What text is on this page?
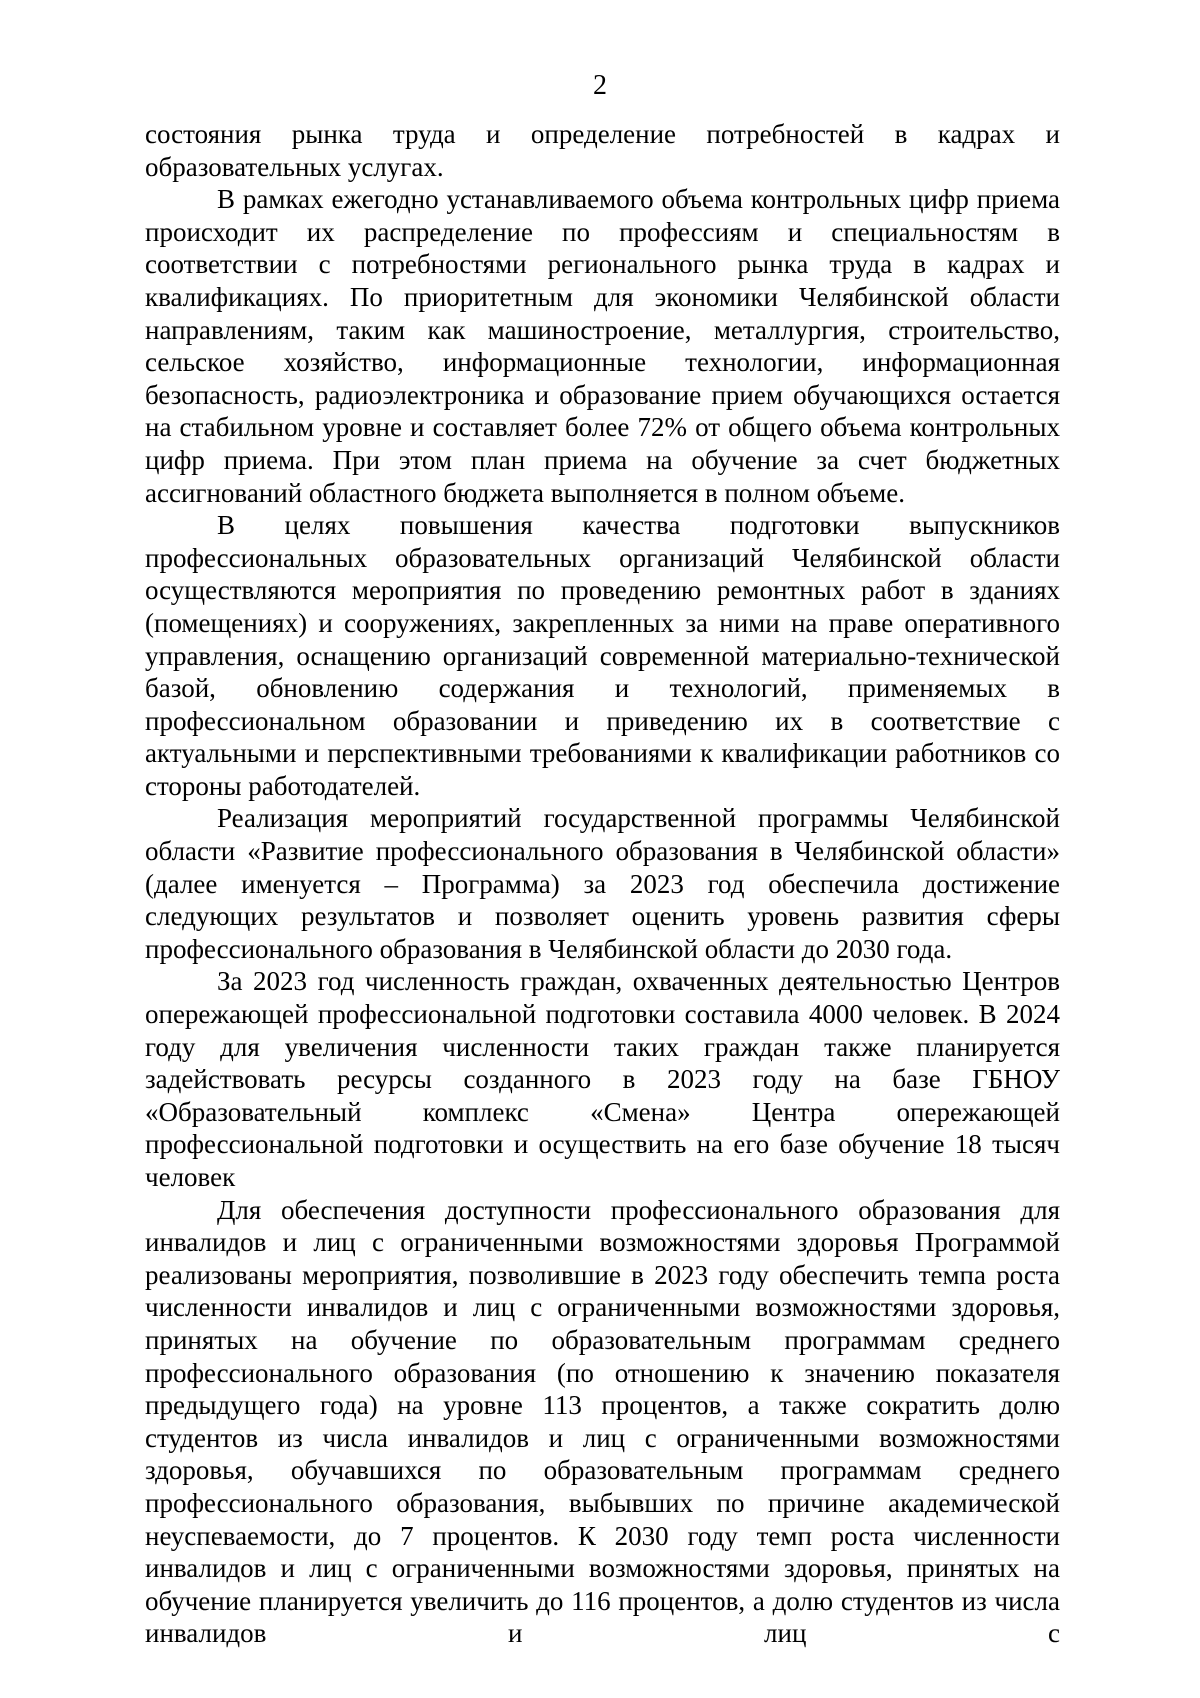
2

состояния рынка труда и определение потребностей в кадрах и образовательных услугах.

В рамках ежегодно устанавливаемого объема контрольных цифр приема происходит их распределение по профессиям и специальностям в соответствии с потребностями регионального рынка труда в кадрах и квалификациях. По приоритетным для экономики Челябинской области направлениям, таким как машиностроение, металлургия, строительство, сельское хозяйство, информационные технологии, информационная безопасность, радиоэлектроника и образование прием обучающихся остается на стабильном уровне и составляет более 72% от общего объема контрольных цифр приема. При этом план приема на обучение за счет бюджетных ассигнований областного бюджета выполняется в полном объеме.

В целях повышения качества подготовки выпускников профессиональных образовательных организаций Челябинской области осуществляются мероприятия по проведению ремонтных работ в зданиях (помещениях) и сооружениях, закрепленных за ними на праве оперативного управления, оснащению организаций современной материально-технической базой, обновлению содержания и технологий, применяемых в профессиональном образовании и приведению их в соответствие с актуальными и перспективными требованиями к квалификации работников со стороны работодателей.

Реализация мероприятий государственной программы Челябинской области «Развитие профессионального образования в Челябинской области» (далее именуется – Программа) за 2023 год обеспечила достижение следующих результатов и позволяет оценить уровень развития сферы профессионального образования в Челябинской области до 2030 года.

За 2023 год численность граждан, охваченных деятельностью Центров опережающей профессиональной подготовки составила 4000 человек. В 2024 году для увеличения численности таких граждан также планируется задействовать ресурсы созданного в 2023 году на базе ГБНОУ «Образовательный комплекс «Смена» Центра опережающей профессиональной подготовки и осуществить на его базе обучение 18 тысяч человек

Для обеспечения доступности профессионального образования для инвалидов и лиц с ограниченными возможностями здоровья Программой реализованы мероприятия, позволившие в 2023 году обеспечить темпа роста численности инвалидов и лиц с ограниченными возможностями здоровья, принятых на обучение по образовательным программам среднего профессионального образования (по отношению к значению показателя предыдущего года) на уровне 113 процентов, а также сократить долю студентов из числа инвалидов и лиц с ограниченными возможностями здоровья, обучавшихся по образовательным программам среднего профессионального образования, выбывших по причине академической неуспеваемости, до 7 процентов. К 2030 году темп роста численности инвалидов и лиц с ограниченными возможностями здоровья, принятых на обучение планируется увеличить до 116 процентов, а долю студентов из числа инвалидов и лиц с
